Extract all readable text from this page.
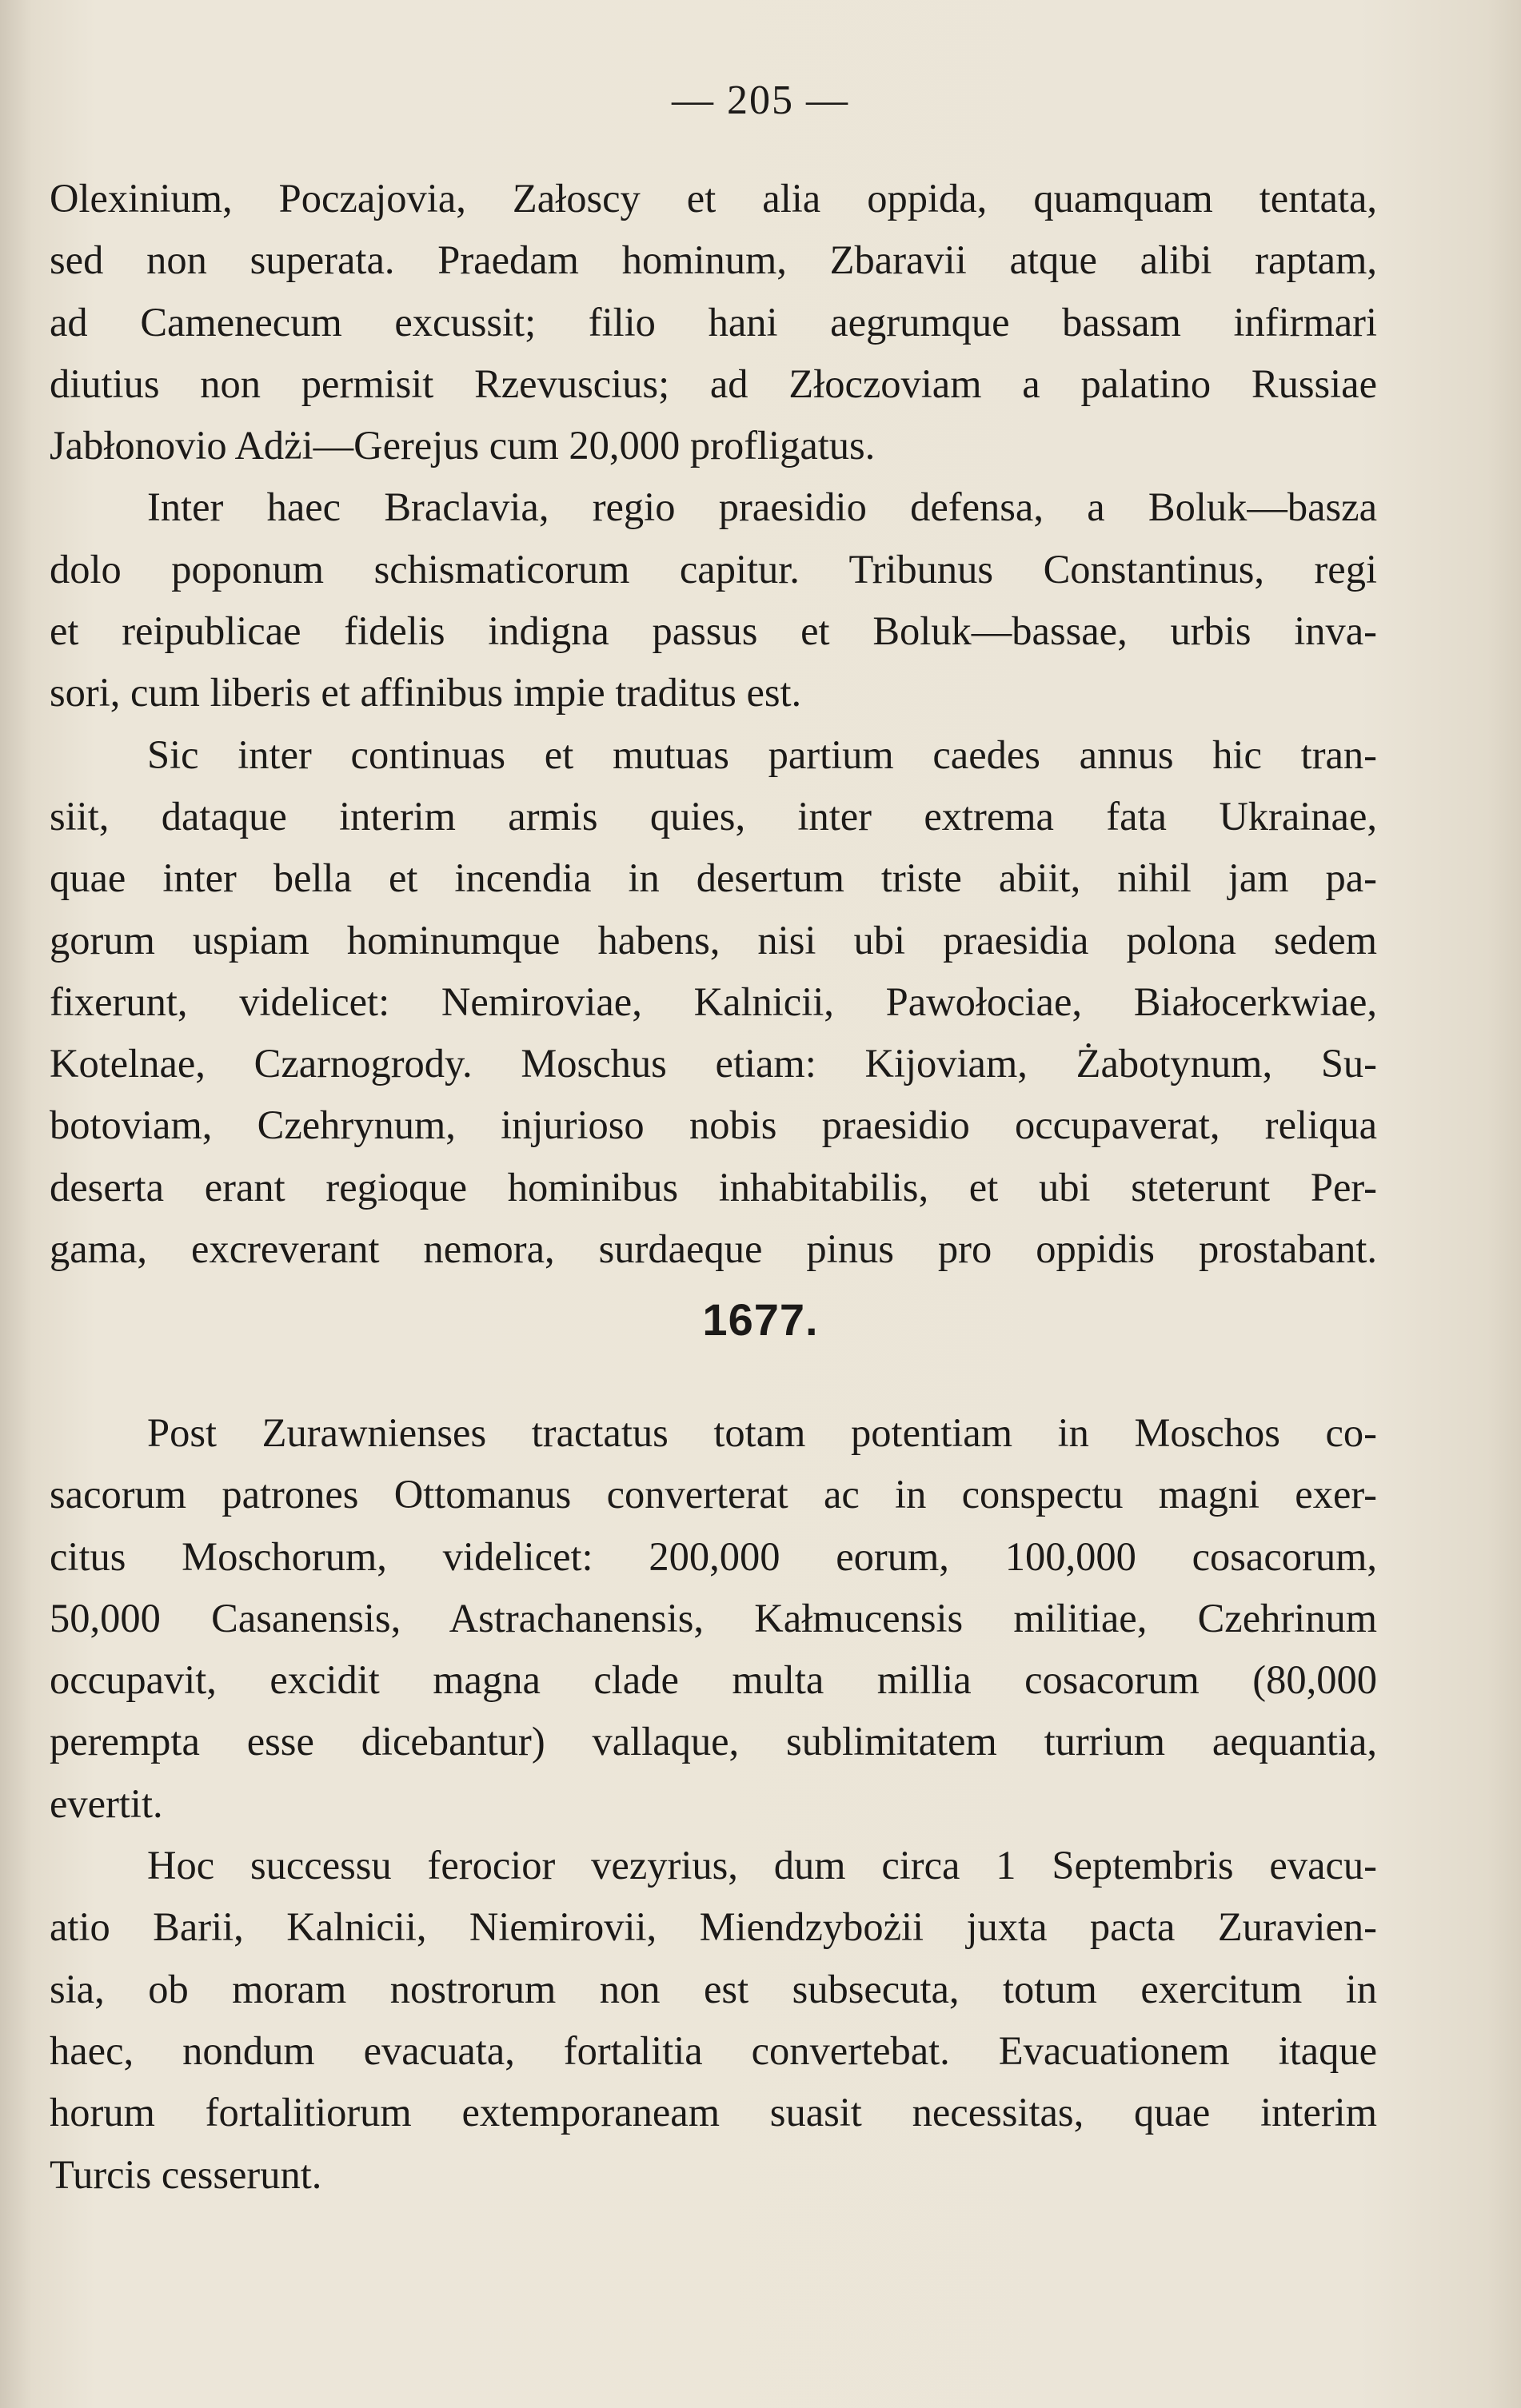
— 205 —
Olexinium, Poczajovia, Załoscy et alia oppida, quamquam tentata,
sed non superata. Praedam hominum, Zbaravii atque alibi raptam,
ad Camenecum excussit; filio hani aegrumque bassam infirmari
diutius non permisit Rzevuscius; ad Złoczoviam a palatino Russiae
Jabłonovio Adżi—Gerejus cum 20,000 profligatus.
Inter haec Braclavia, regio praesidio defensa, a Boluk—basza
dolo poponum schismaticorum capitur. Tribunus Constantinus, regi
et reipublicae fidelis indigna passus et Boluk—bassae, urbis inva-
sori, cum liberis et affinibus impie traditus est.
Sic inter continuas et mutuas partium caedes annus hic tran-
siit, dataque interim armis quies, inter extrema fata Ukrainae,
quae inter bella et incendia in desertum triste abiit, nihil jam pa-
gorum uspiam hominumque habens, nisi ubi praesidia polona sedem
fixerunt, videlicet: Nemiroviae, Kalnicii, Pawołociae, Białocerkwiae,
Kotelnae, Czarnogrody. Moschus etiam: Kijoviam, Żabotynum, Su-
botoviam, Czehrynum, injurioso nobis praesidio occupaverat, reliqua
deserta erant regioque hominibus inhabitabilis, et ubi steterunt Per-
gama, excreverant nemora, surdaeque pinus pro oppidis prostabant.
1677.
Post Zurawnienses tractatus totam potentiam in Moschos co-
sacorum patrones Ottomanus converterat ac in conspectu magni exer-
citus Moschorum, videlicet: 200,000 eorum, 100,000 cosacorum,
50,000 Casanensis, Astrachanensis, Kałmucensis militiae, Czehrinum
occupavit, excidit magna clade multa millia cosacorum (80,000
perempta esse dicebantur) vallaque, sublimitatem turrium aequantia,
evertit.
Hoc successu ferocior vezyrius, dum circa 1 Septembris evacu-
atio Barii, Kalnicii, Niemirovii, Miendzybożii juxta pacta Zuravien-
sia, ob moram nostrorum non est subsecuta, totum exercitum in
haec, nondum evacuata, fortalitia convertebat. Evacuationem itaque
horum fortalitiorum extemporaneam suasit necessitas, quae interim
Turcis cesserunt.
